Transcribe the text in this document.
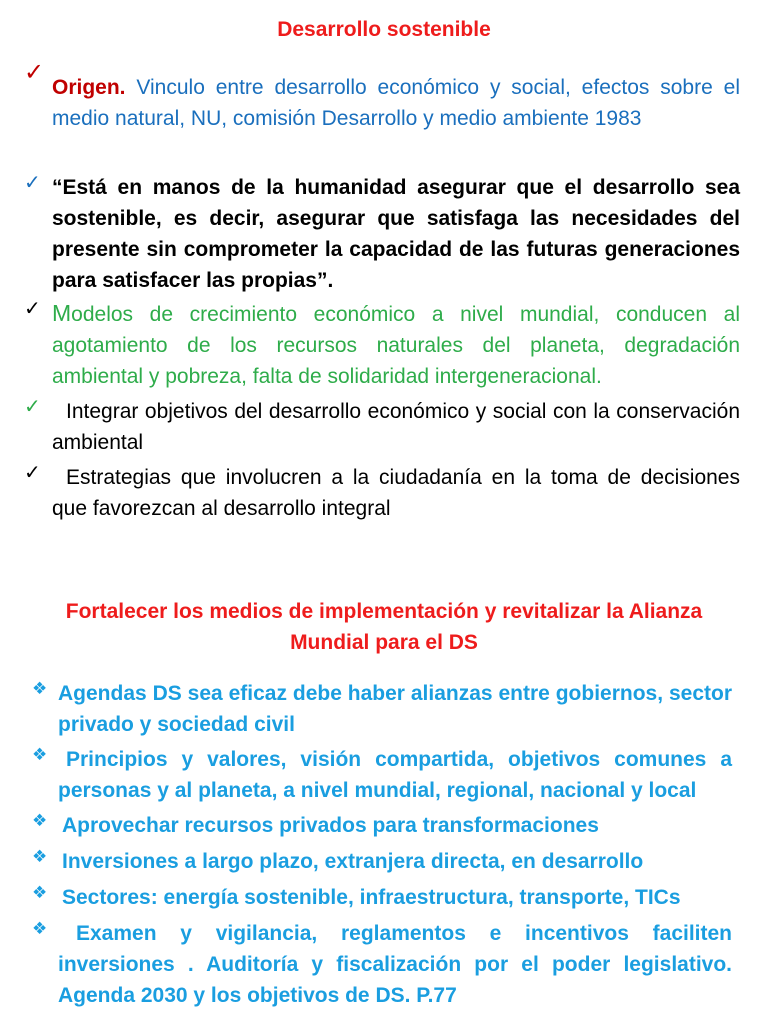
Desarrollo sostenible
✓
Origen. Vinculo entre desarrollo económico y social, efectos sobre el medio natural, NU, comisión Desarrollo y medio ambiente 1983
✓ “Está en manos de la humanidad asegurar que el desarrollo sea sostenible, es decir, asegurar que satisfaga las necesidades del presente sin comprometer la capacidad de las futuras generaciones para satisfacer las propias”.
✓ Modelos de crecimiento económico a nivel mundial, conducen al agotamiento de los recursos naturales del planeta, degradación ambiental y pobreza, falta de solidaridad intergeneracional.
✓	Integrar objetivos del desarrollo económico y social con la conservación ambiental
✓	Estrategias que involucren a la ciudadanía en la toma de decisiones que favorezcan al desarrollo integral
Fortalecer los medios de implementación y revitalizar la Alianza
Mundial para el DS
❖ Agendas DS sea eficaz debe haber alianzas entre gobiernos, sector privado y sociedad civil
❖ Principios y valores, visión compartida, objetivos comunes a personas y al planeta, a nivel mundial, regional, nacional y local
❖ Aprovechar recursos privados para transformaciones
❖ Inversiones a largo plazo, extranjera directa, en desarrollo
❖ Sectores: energía sostenible, infraestructura, transporte, TICs
❖	Examen y vigilancia, reglamentos e incentivos faciliten inversiones . Auditoría y fiscalización por el poder legislativo. Agenda 2030 y los objetivos de DS. P.77
